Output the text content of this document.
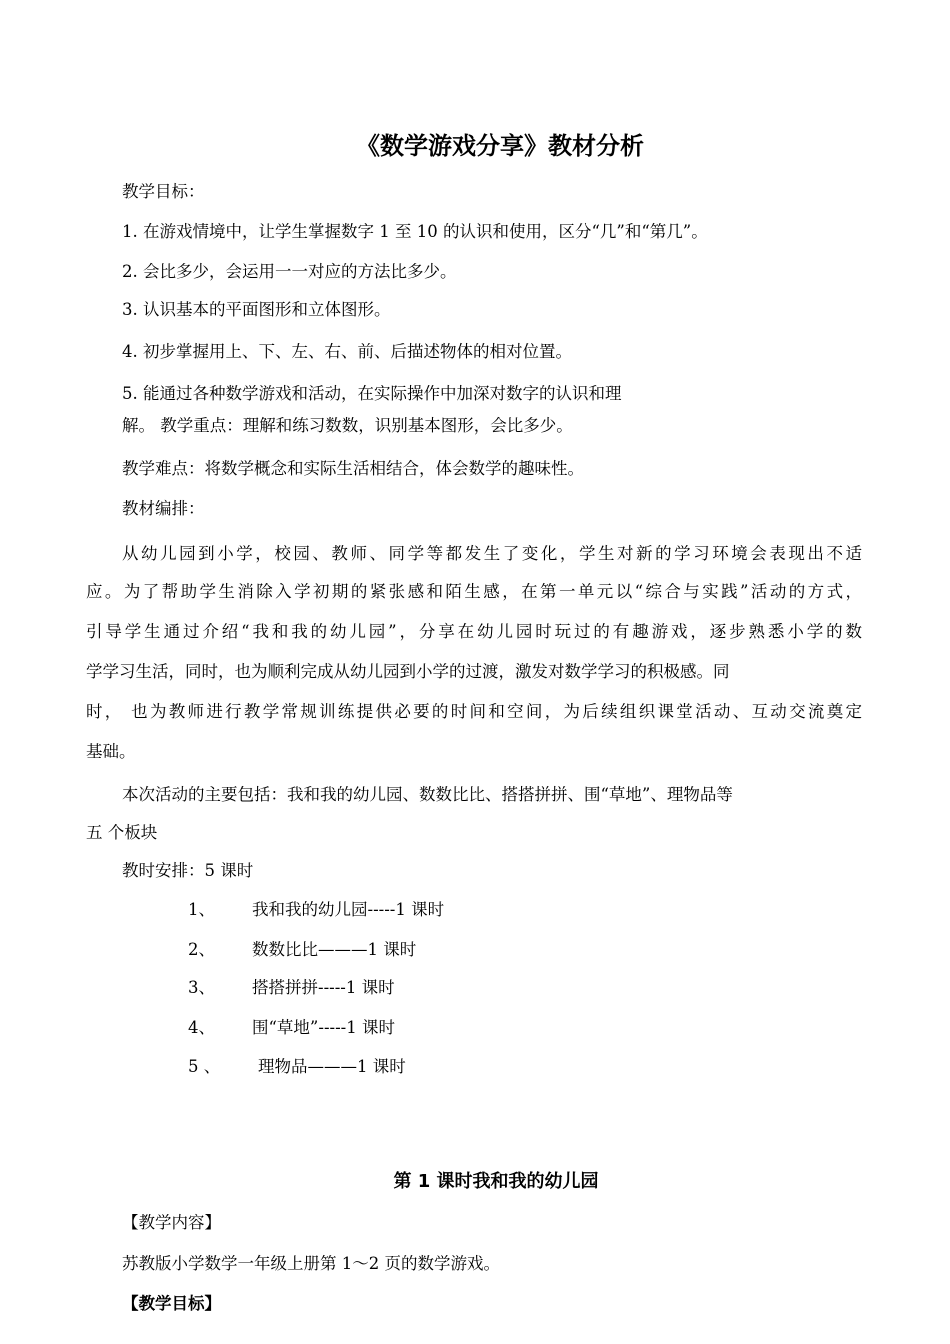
《数学游戏分享》教材分析
教学目标：
1. 在游戏情境中，让学生掌握数字 1 至 10 的认识和使用，区分“几”和“第几”。
2. 会比多少，会运用一一对应的方法比多少。
3. 认识基本的平面图形和立体图形。
4. 初步掌握用上、下、左、右、前、后描述物体的相对位置。
5. 能通过各种数学游戏和活动，在实际操作中加深对数字的认识和理
解。 教学重点：理解和练习数数，识别基本图形，会比多少。
教学难点：将数学概念和实际生活相结合，体会数学的趣味性。
教材编排：
从幼儿园到小学，校园、教师、同学等都发生了变化，学生对新的学习环境会表现出不适
应。为了帮助学生消除入学初期的紧张感和陌生感，在第一单元以“综合与实践”活动的方式，
引导学生通过介绍“我和我的幼儿园”，分享在幼儿园时玩过的有趣游戏，逐步熟悉小学的数
学学习生活，同时，也为顺利完成从幼儿园到小学的过渡，激发对数学学习的积极感。同
时， 也为教师进行教学常规训练提供必要的时间和空间，为后续组织课堂活动、互动交流奠定
基础。
本次活动的主要包括：我和我的幼儿园、数数比比、搭搭拼拼、围“草地”、理物品等
五 个板块
教时安排：5 课时
1、 我和我的幼儿园-----1 课时
2、 数数比比———1 课时
3、 搭搭拼拼-----1 课时
4、 围“草地”-----1 课时
5 、 理物品———1 课时
第 1 课时我和我的幼儿园
【教学内容】
苏教版小学数学一年级上册第 1～2 页的数学游戏。
【教学目标】
